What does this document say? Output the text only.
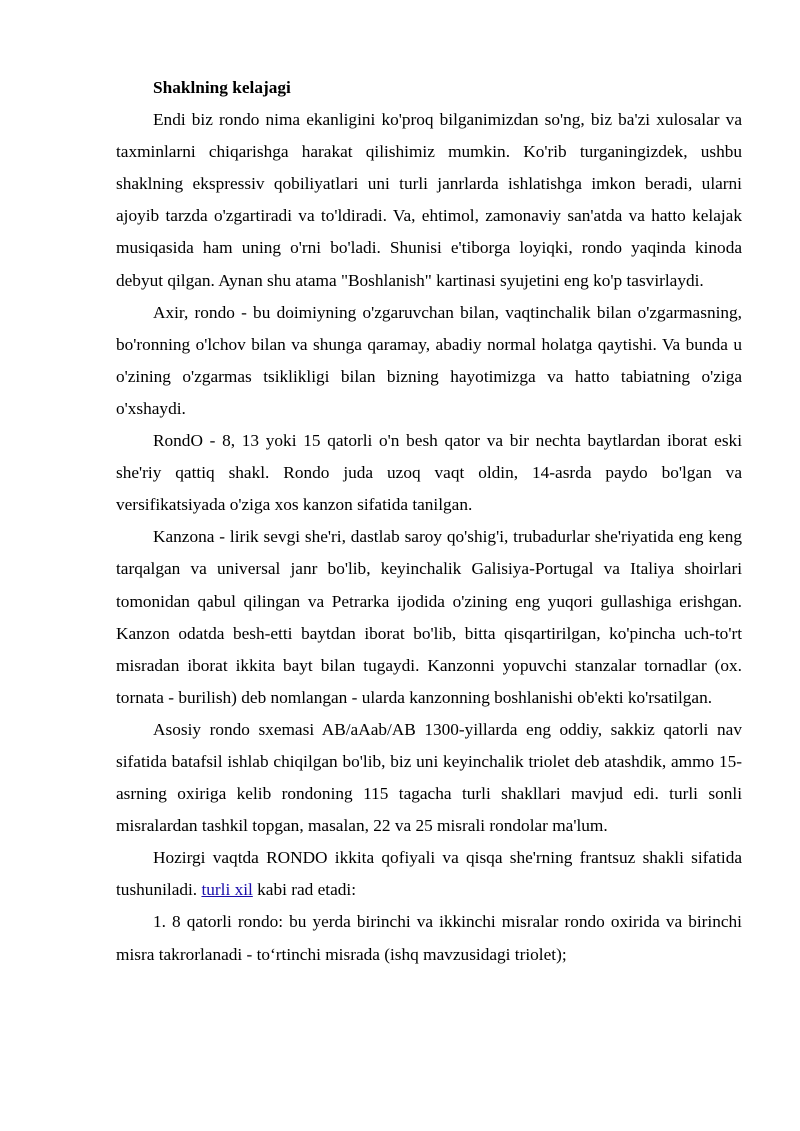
Shaklning kelajagi

Endi biz rondo nima ekanligini ko'proq bilganimizdan so'ng, biz ba'zi xulosalar va taxminlarni chiqarishga harakat qilishimiz mumkin. Ko'rib turganingizdek, ushbu shaklning ekspressiv qobiliyatlari uni turli janrlarda ishlatishga imkon beradi, ularni ajoyib tarzda o'zgartiradi va to'ldiradi. Va, ehtimol, zamonaviy san'atda va hatto kelajak musiqasida ham uning o'rni bo'ladi. Shunisi e'tiborga loyiqki, rondo yaqinda kinoda debyut qilgan. Aynan shu atama "Boshlanish" kartinasi syujetini eng ko'p tasvirlaydi.

Axir, rondo - bu doimiyning o'zgaruvchan bilan, vaqtinchalik bilan o'zgarmasning, bo'ronning o'lchov bilan va shunga qaramay, abadiy normal holatga qaytishi. Va bunda u o'zining o'zgarmas tsiklikligi bilan bizning hayotimizga va hatto tabiatning o'ziga o'xshaydi.

RondO - 8, 13 yoki 15 qatorli o'n besh qator va bir nechta baytlardan iborat eski she'riy qattiq shakl. Rondo juda uzoq vaqt oldin, 14-asrda paydo bo'lgan va versifikatsiyada o'ziga xos kanzon sifatida tanilgan.

Kanzona - lirik sevgi she'ri, dastlab saroy qo'shig'i, trubadurlar she'riyatida eng keng tarqalgan va universal janr bo'lib, keyinchalik Galisiya-Portugal va Italiya shoirlari tomonidan qabul qilingan va Petrarka ijodida o'zining eng yuqori gullashiga erishgan. Kanzon odatda besh-etti baytdan iborat bo'lib, bitta qisqartirilgan, ko'pincha uch-to'rt misradan iborat ikkita bayt bilan tugaydi. Kanzonni yopuvchi stanzalar tornadlar (ox. tornata - burilish) deb nomlangan - ularda kanzonning boshlanishi ob'ekti ko'rsatilgan.

Asosiy rondo sxemasi AB/aAab/AB 1300-yillarda eng oddiy, sakkiz qatorli nav sifatida batafsil ishlab chiqilgan bo'lib, biz uni keyinchalik triolet deb atashdik, ammo 15-asrning oxiriga kelib rondoning 115 tagacha turli shakllari mavjud edi. turli sonli misralardan tashkil topgan, masalan, 22 va 25 misrali rondolar ma'lum.

Hozirgi vaqtda RONDO ikkita qofiyali va qisqa she'rning frantsuz shakli sifatida tushuniladi. turli xil kabi rad etadi:

1. 8 qatorli rondo: bu yerda birinchi va ikkinchi misralar rondo oxirida va birinchi misra takrorlanadi - to‘rtinchi misrada (ishq mavzusidagi triolet);
